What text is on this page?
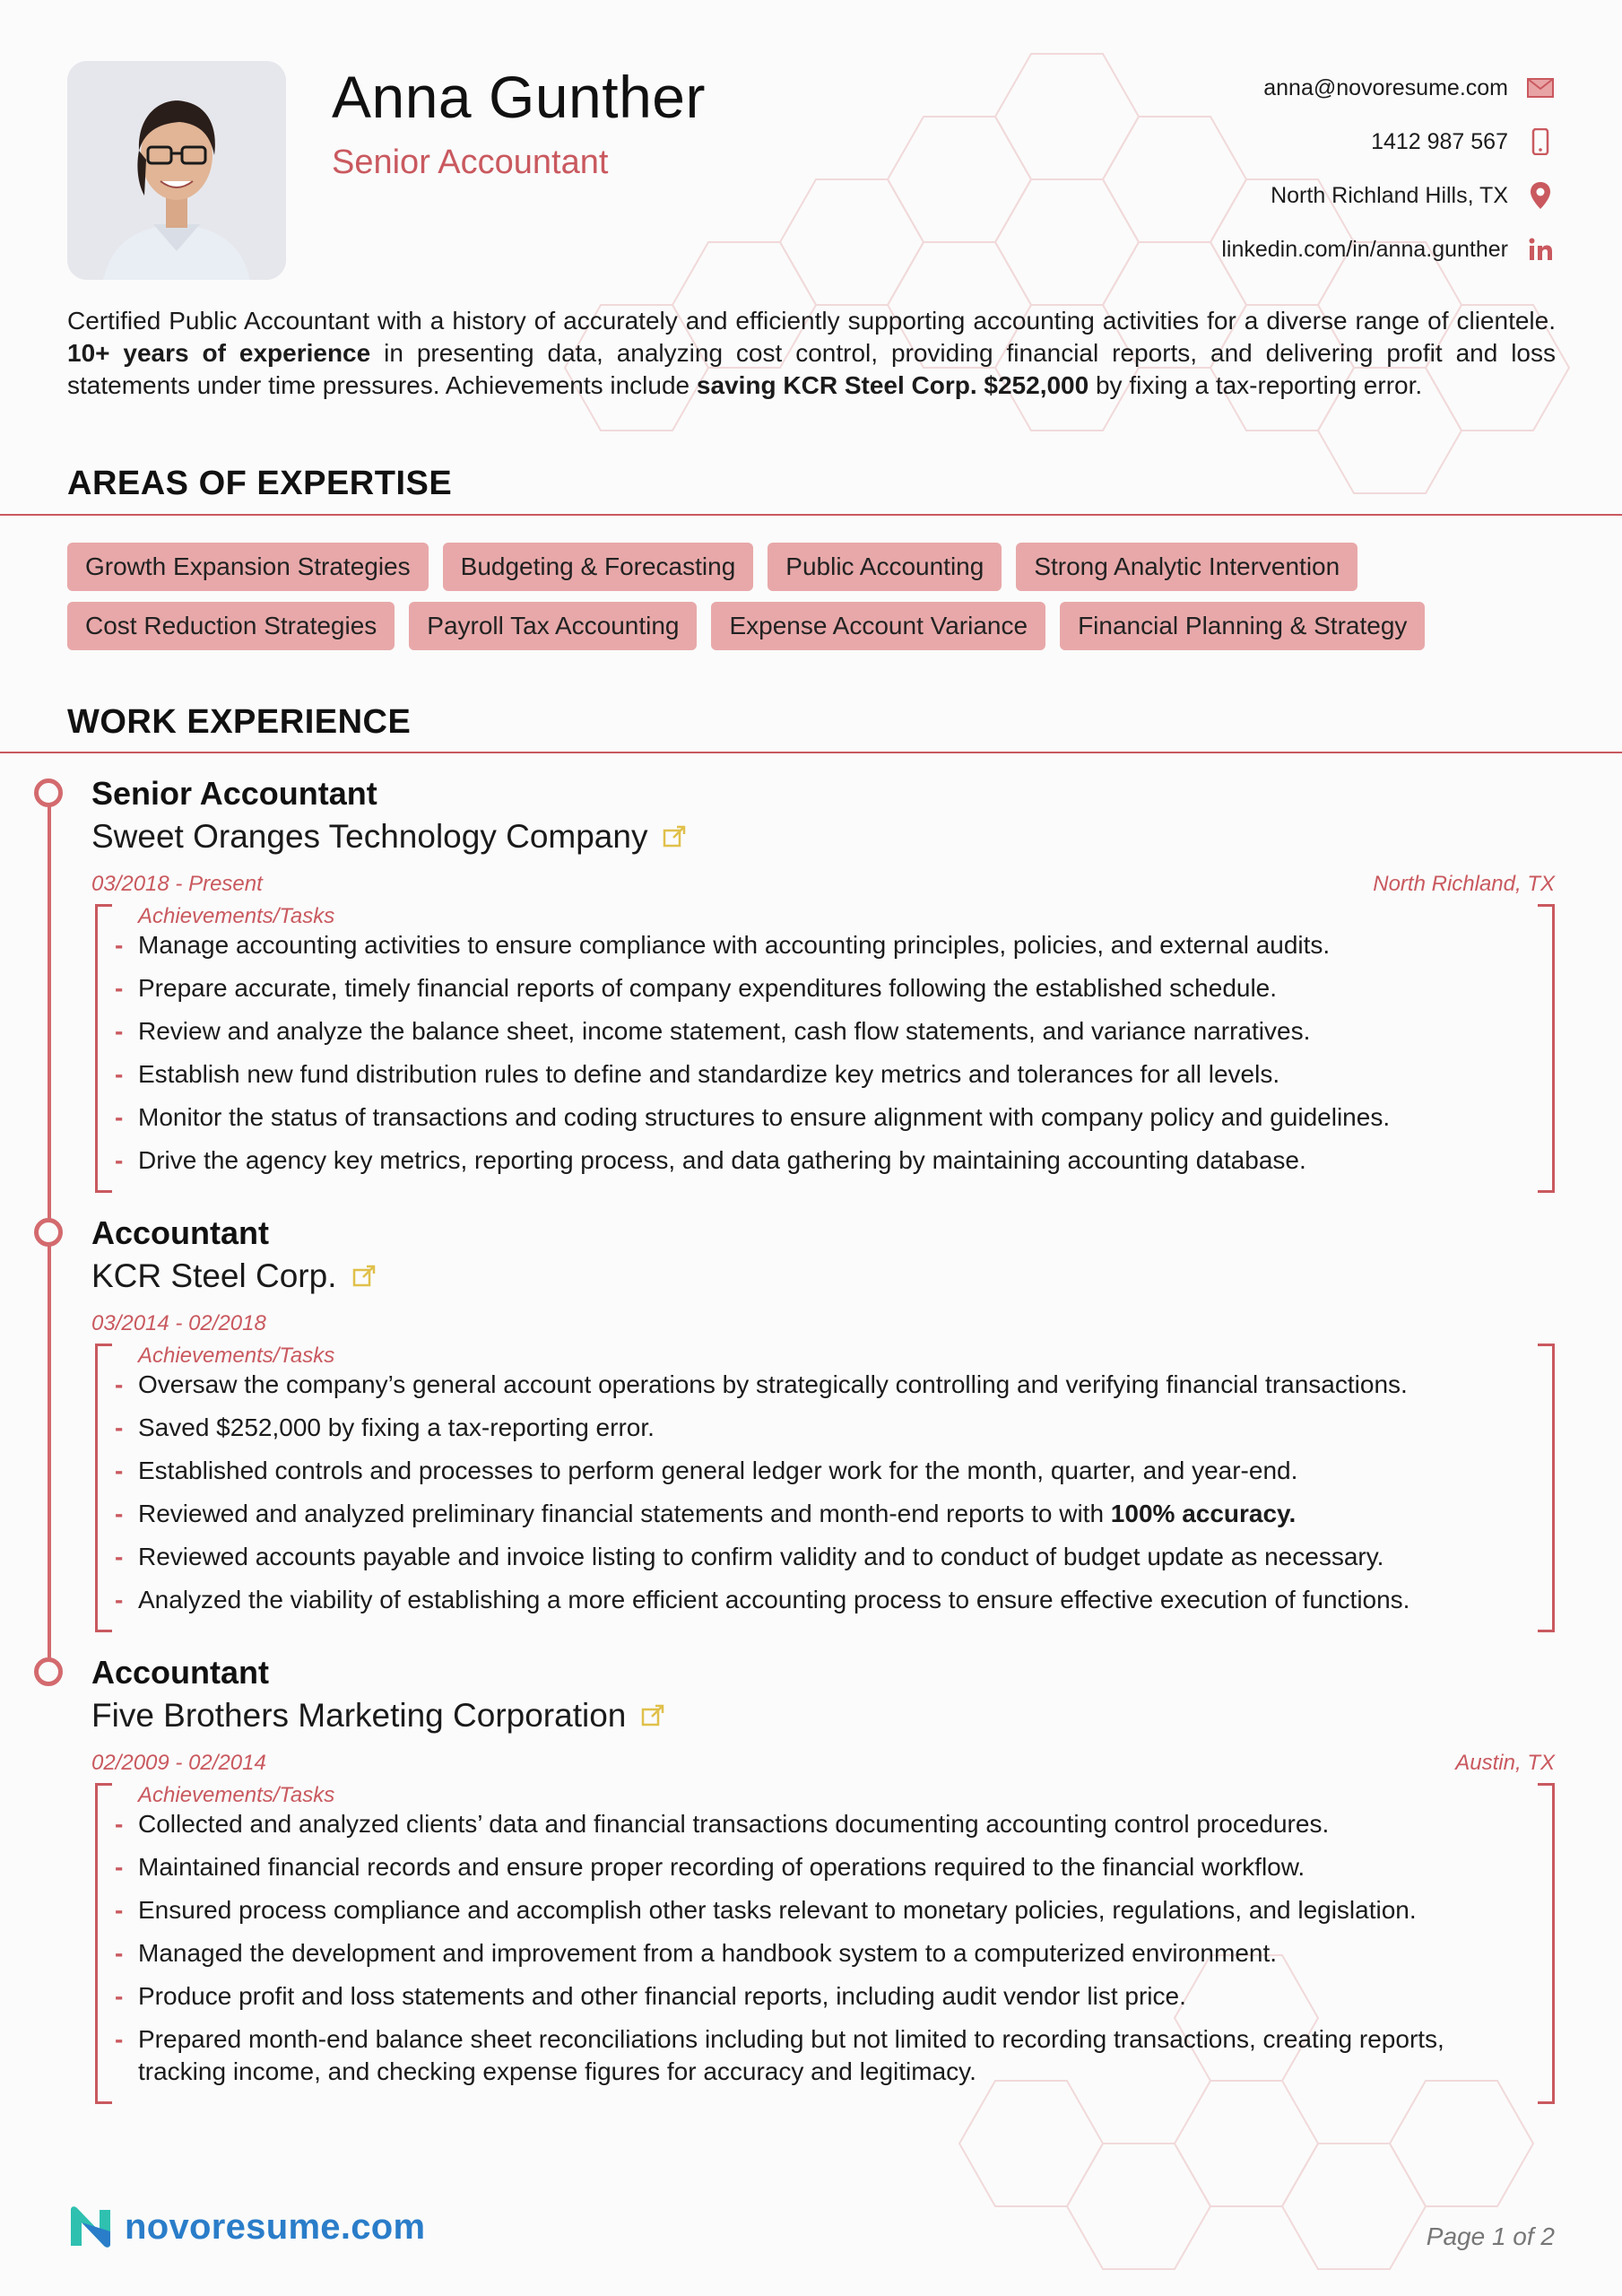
Anna Gunther
Senior Accountant
anna@novoresume.com
1412 987 567
North Richland Hills, TX
linkedin.com/in/anna.gunther
Certified Public Accountant with a history of accurately and efficiently supporting accounting activities for a diverse range of clientele. 10+ years of experience in presenting data, analyzing cost control, providing financial reports, and delivering profit and loss statements under time pressures. Achievements include saving KCR Steel Corp. $252,000 by fixing a tax-reporting error.
AREAS OF EXPERTISE
Growth Expansion Strategies	Budgeting & Forecasting	Public Accounting	Strong Analytic Intervention
Cost Reduction Strategies	Payroll Tax Accounting	Expense Account Variance	Financial Planning & Strategy
WORK EXPERIENCE
Senior Accountant
Sweet Oranges Technology Company
03/2018 - Present	North Richland, TX
Achievements/Tasks
- Manage accounting activities to ensure compliance with accounting principles, policies, and external audits.
- Prepare accurate, timely financial reports of company expenditures following the established schedule.
- Review and analyze the balance sheet, income statement, cash flow statements, and variance narratives.
- Establish new fund distribution rules to define and standardize key metrics and tolerances for all levels.
- Monitor the status of transactions and coding structures to ensure alignment with company policy and guidelines.
- Drive the agency key metrics, reporting process, and data gathering by maintaining accounting database.
Accountant
KCR Steel Corp.
03/2014 - 02/2018
Achievements/Tasks
- Oversaw the company’s general account operations by strategically controlling and verifying financial transactions.
- Saved $252,000 by fixing a tax-reporting error.
- Established controls and processes to perform general ledger work for the month, quarter, and year-end.
- Reviewed and analyzed preliminary financial statements and month-end reports to with 100% accuracy.
- Reviewed accounts payable and invoice listing to confirm validity and to conduct of budget update as necessary.
- Analyzed the viability of establishing a more efficient accounting process to ensure effective execution of functions.
Accountant
Five Brothers Marketing Corporation
02/2009 - 02/2014	Austin, TX
Achievements/Tasks
- Collected and analyzed clients’ data and financial transactions documenting accounting control procedures.
- Maintained financial records and ensure proper recording of operations required to the financial workflow.
- Ensured process compliance and accomplish other tasks relevant to monetary policies, regulations, and legislation.
- Managed the development and improvement from a handbook system to a computerized environment.
- Produce profit and loss statements and other financial reports, including audit vendor list price.
- Prepared month-end balance sheet reconciliations including but not limited to recording transactions, creating reports, tracking income, and checking expense figures for accuracy and legitimacy.
novoresume.com	Page 1 of 2
